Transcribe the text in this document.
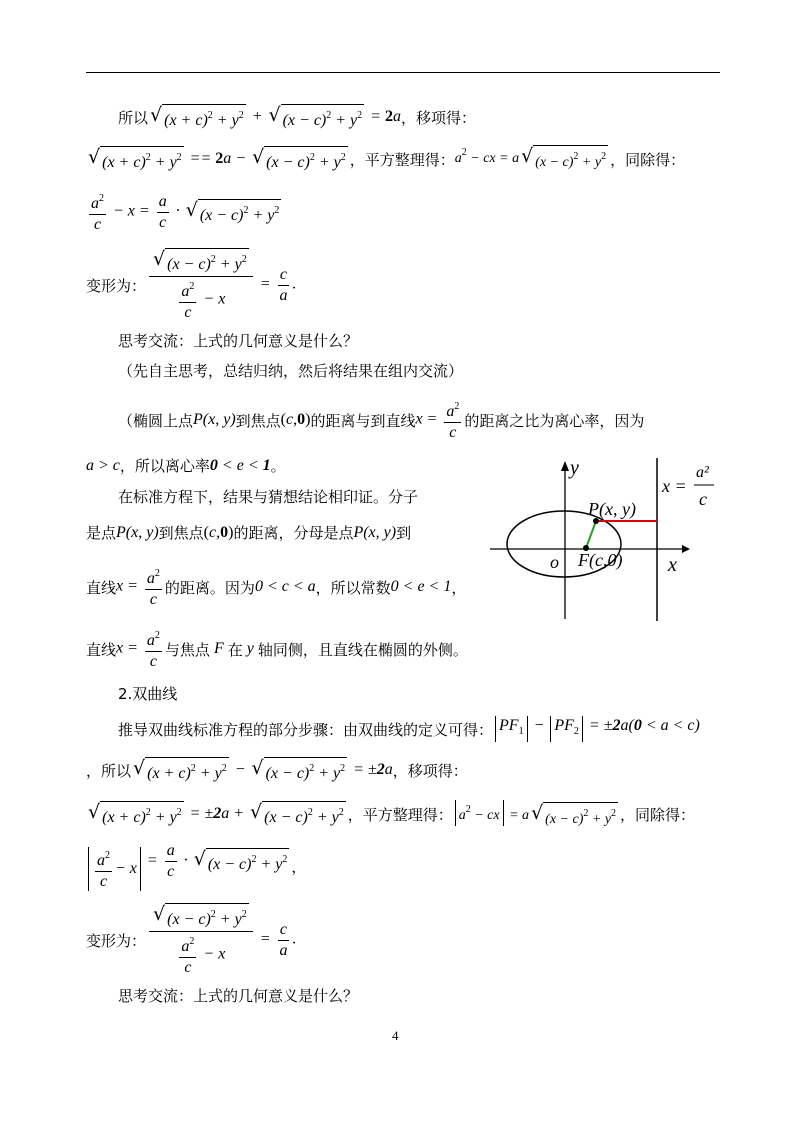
所以 √ $(x + c)^2 + y^2$ + √ $(x - c)^2 + y^2 = 2a$ ，移项得：
√ $(x + c)^2 + y^2 == 2a$ − √ $(x - c)^2 + y^2$ ，平方整理得： $a^2$ − cx = a √ $(x - c)^2 + y^2$ ，同除得：
$\frac{a^2}{c} - x = \frac{a}{c}$ · √ $(x - c)^2 + y^2$
变形为： $\frac{√ (x - c)^2 + y^2}{\frac{a^2}{c} - x} = \frac{c}{a}$ .
思考交流：上式的几何意义是什么？
（先自主思考，总结归纳，然后将结果在组内交流）
（椭圆上点 P(x, y) 到焦点 (c,0) 的距离与到直线 $x = \frac{a^2}{c}$ 的距离之比为离心率，因为
a > c ，所以离心率 0 < e < 1 。
在标准方程下，结果与猜想结论相印证。分子
是点 P(x, y) 到焦点 (c,0) 的距离，分母是点 P(x, y) 到
直线 $x = \frac{a^2}{c}$ 的距离。因为 0 < c < a ，所以常数 0 < e < 1 ，
直线 $x = \frac{a^2}{c}$ 与焦点 F 在 y 轴同侧，且直线在椭圆的外侧。
2.双曲线
推导双曲线标准方程的部分步骤：由双曲线的定义可得： $PF_1 - PF_2 = \pm 2a(0 < a < c)$
，所以 √ $(x + c)^2 + y^2$ − √ $(x - c)^2 + y^2 = \pm 2a$ ，移项得：
√ $(x + c)^2 + y^2 = \pm 2a$ + √ $(x - c)^2 + y^2$ ，平方整理得： $a^2$ − cx = a √ $(x - c)^2 + y^2$ ，同除得：
$\frac{a^2}{c} - x = \frac{a}{c}$ · √ $(x - c)^2 + y^2$ ，
变形为： $\frac{√ (x - c)^2 + y^2}{\frac{a^2}{c} - x} = \frac{c}{a}$ .
思考交流：上式的几何意义是什么？
y
x
o F(c,0)
P(x, y)
x =
a²
c
4
